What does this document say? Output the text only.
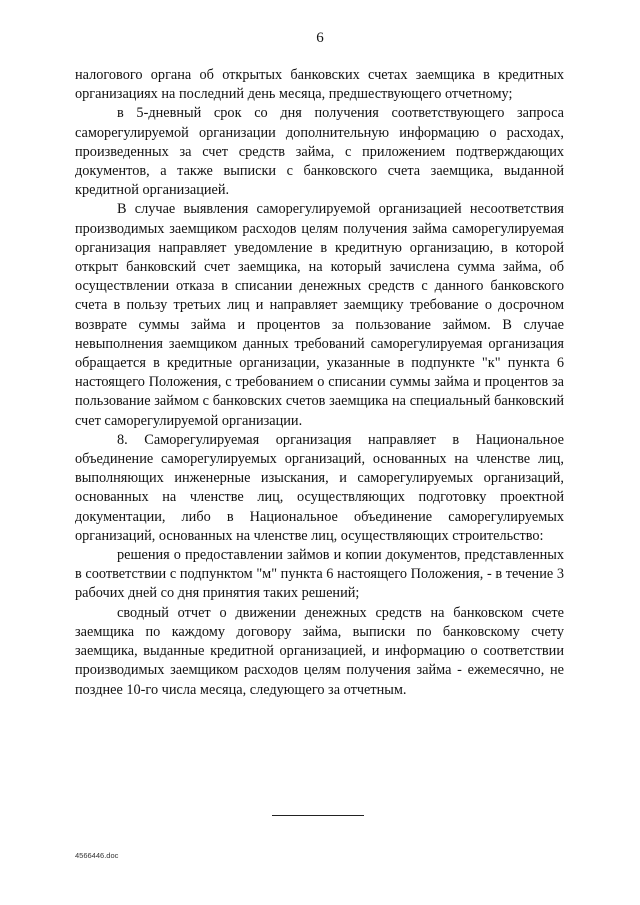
6

налогового органа об открытых банковских счетах заемщика в кредитных организациях на последний день месяца, предшествующего отчетному;

в 5-дневный срок со дня получения соответствующего запроса саморегулируемой организации дополнительную информацию о расходах, произведенных за счет средств займа, с приложением подтверждающих документов, а также выписки с банковского счета заемщика, выданной кредитной организацией.

В случае выявления саморегулируемой организацией несоответствия производимых заемщиком расходов целям получения займа саморегулируемая организация направляет уведомление в кредитную организацию, в которой открыт банковский счет заемщика, на который зачислена сумма займа, об осуществлении отказа в списании денежных средств с данного банковского счета в пользу третьих лиц и направляет заемщику требование о досрочном возврате суммы займа и процентов за пользование займом. В случае невыполнения заемщиком данных требований саморегулируемая организация обращается в кредитные организации, указанные в подпункте "к" пункта 6 настоящего Положения, с требованием о списании суммы займа и процентов за пользование займом с банковских счетов заемщика на специальный банковский счет саморегулируемой организации.

8. Саморегулируемая организация направляет в Национальное объединение саморегулируемых организаций, основанных на членстве лиц, выполняющих инженерные изыскания, и саморегулируемых организаций, основанных на членстве лиц, осуществляющих подготовку проектной документации, либо в Национальное объединение саморегулируемых организаций, основанных на членстве лиц, осуществляющих строительство:

решения о предоставлении займов и копии документов, представленных в соответствии с подпунктом "м" пункта 6 настоящего Положения, - в течение 3 рабочих дней со дня принятия таких решений;

сводный отчет о движении денежных средств на банковском счете заемщика по каждому договору займа, выписки по банковскому счету заемщика, выданные кредитной организацией, и информацию о соответствии производимых заемщиком расходов целям получения займа - ежемесячно, не позднее 10-го числа месяца, следующего за отчетным.

4566446.doc
